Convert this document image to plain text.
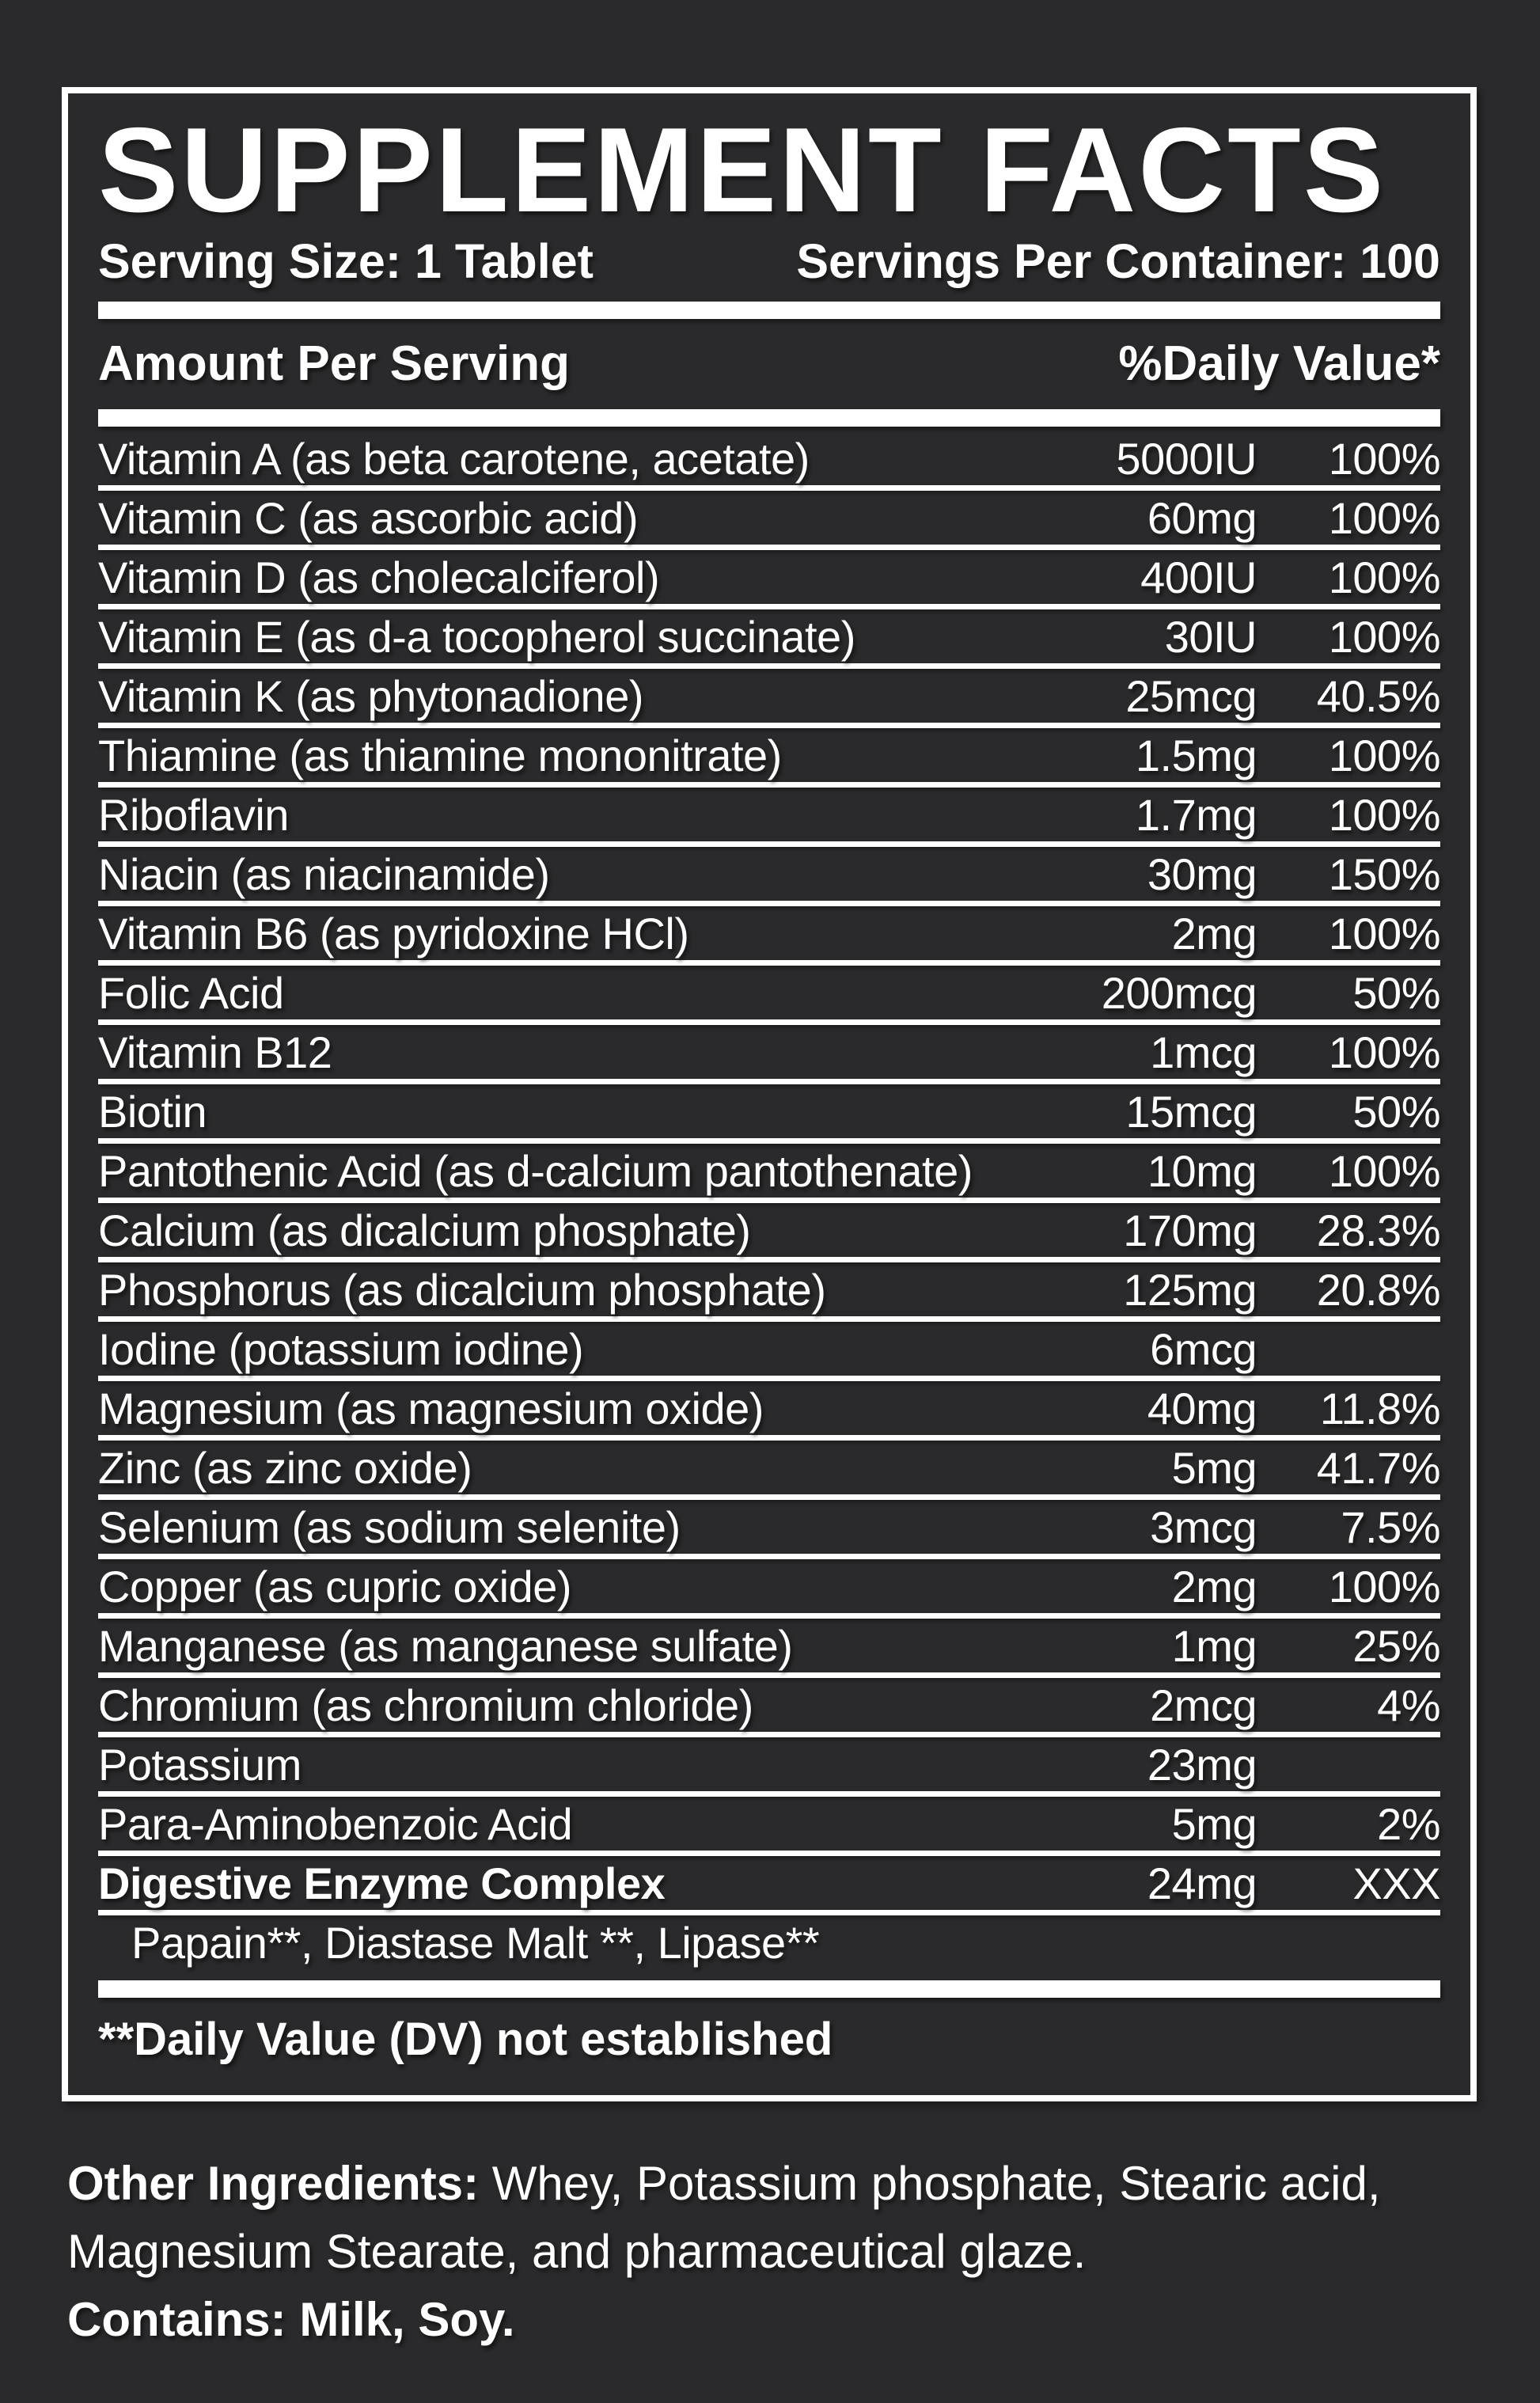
SUPPLEMENT FACTS
Serving Size: 1 Tablet	Servings Per Container: 100
Amount Per Serving	%Daily Value*
Vitamin A (as beta carotene, acetate)	5000IU 100%
Vitamin C (as ascorbic acid)	60mg 100%
Vitamin D (as cholecalciferol)	400IU 100%
Vitamin E (as d-a tocopherol succinate)	30IU 100%
Vitamin K (as phytonadione)	25mcg 40.5%
Thiamine (as thiamine mononitrate)	1.5mg 100%
Riboflavin	1.7mg 100%
Niacin (as niacinamide)	30mg 150%
Vitamin B6 (as pyridoxine HCl)	2mg 100%
Folic Acid	200mcg 50%
Vitamin B12	1mcg 100%
Biotin	15mcg 50%
Pantothenic Acid (as d-calcium pantothenate)	10mg 100%
Calcium (as dicalcium phosphate)	170mg 28.3%
Phosphorus (as dicalcium phosphate)	125mg 20.8%
Iodine (potassium iodine)	6mcg
Magnesium (as magnesium oxide)	40mg 11.8%
Zinc (as zinc oxide)	5mg 41.7%
Selenium (as sodium selenite)	3mcg 7.5%
Copper (as cupric oxide)	2mg 100%
Manganese (as manganese sulfate)	1mg 25%
Chromium (as chromium chloride)	2mcg	4%
Potassium	23mg
Para-Aminobenzoic Acid	5mg	2%
Digestive Enzyme Complex	24mg XXX
Papain**, Diastase Malt **, Lipase**
**Daily Value (DV) not established
Other Ingredients: Whey, Potassium phosphate, Stearic acid,
Magnesium Stearate, and pharmaceutical glaze.
Contains: Milk, Soy.
